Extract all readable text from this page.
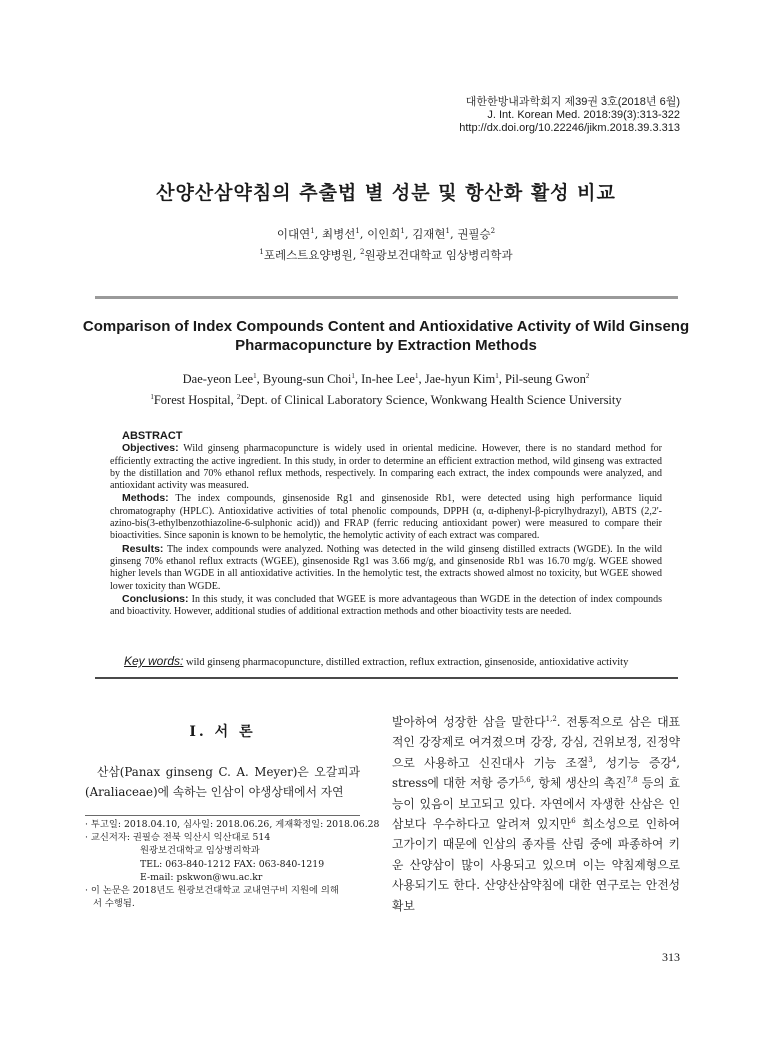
대한한방내과학회지 제39권 3호(2018년 6월)
J. Int. Korean Med. 2018:39(3):313-322
http://dx.doi.org/10.22246/jikm.2018.39.3.313
산양산삼약침의 추출법 별 성분 및 항산화 활성 비교
이대연$^1$, 최병선$^1$, 이인희$^1$, 김재현$^1$, 권필승$^2$
$^1$포레스트요양병원, $^2$원광보건대학교 임상병리학과
Comparison of Index Compounds Content and Antioxidative Activity of Wild Ginseng
Pharmacopuncture by Extraction Methods
Dae-yeon Lee$^1$, Byoung-sun Choi$^1$, In-hee Lee$^1$, Jae-hyun Kim$^1$, Pil-seung Gwon$^2$
$^1$Forest Hospital, $^2$Dept. of Clinical Laboratory Science, Wonkwang Health Science University
ABSTRACT

Objectives: Wild ginseng pharmacopuncture is widely used in oriental medicine. However, there is no standard method for efficiently extracting the active ingredient. In this study, in order to determine an efficient extraction method, wild ginseng was extracted by the distillation and 70% ethanol reflux methods, respectively. In comparing each extract, the index compounds were analyzed, and antioxidant activity was measured.

Methods: The index compounds, ginsenoside Rg1 and ginsenoside Rb1, were detected using high performance liquid chromatography (HPLC). Antioxidative activities of total phenolic compounds, DPPH (α, α-diphenyl-β-picrylhydrazyl), ABTS (2,2'-azino-bis(3-ethylbenzothiazoline-6-sulphonic acid)) and FRAP (ferric reducing antioxidant power) were measured to compare their bioactivities. Since saponin is known to be hemolytic, the hemolytic activity of each extract was compared.

Results: The index compounds were analyzed. Nothing was detected in the wild ginseng distilled extracts (WGDE). In the wild ginseng 70% ethanol reflux extracts (WGEE), ginsenoside Rg1 was 3.66 mg/g, and ginsenoside Rb1 was 16.70 mg/g. WGEE showed higher levels than WGDE in all antioxidative activities. In the hemolytic test, the extracts showed almost no toxicity, but WGEE showed lower toxicity than WGDE.

Conclusions: In this study, it was concluded that WGEE is more advantageous than WGDE in the detection of index compounds and bioactivity. However, additional studies of additional extraction methods and other bioactivity tests are needed.

Key words: wild ginseng pharmacopuncture, distilled extraction, reflux extraction, ginsenoside, antioxidative activity
Ⅰ. 서 론

산삼(Panax ginseng C. A. Meyer)은 오갈피과(Araliaceae)에 속하는 인삼이 야생상태에서 자연

· 투고일: 2018.04.10, 심사일: 2018.06.26, 게재확정일: 2018.06.28
· 교신저자: 권필승 전북 익산시 익산대로 514
원광보건대학교 임상병리학과
TEL: 063-840-1212 FAX: 063-840-1219
E-mail: pskwon@wu.ac.kr
· 이 논문은 2018년도 원광보건대학교 교내연구비 지원에 의해
서 수행됨.

발아하여 성장한 삼을 말한다$^{1,2}$. 전통적으로 삼은 대표적인 강장제로 여겨졌으며 강장, 강심, 건위보정, 진정약으로 사용하고 신진대사 기능 조절$^3$, 성기능 증강$^4$, stress에 대한 저항 증가$^{5,6}$, 항체 생산의 촉진$^{7,8}$ 등의 효능이 있음이 보고되고 있다. 자연에서 자생한 산삼은 인삼보다 우수하다고 알려져 있지만$^6$ 희소성으로 인하여 고가이기 때문에 인삼의 종자를 산림 중에 파종하여 키운 산양삼이 많이 사용되고 있으며 이는 약침제형으로 사용되기도 한다. 산양산삼약침에 대한 연구로는 안전성 확보

313
